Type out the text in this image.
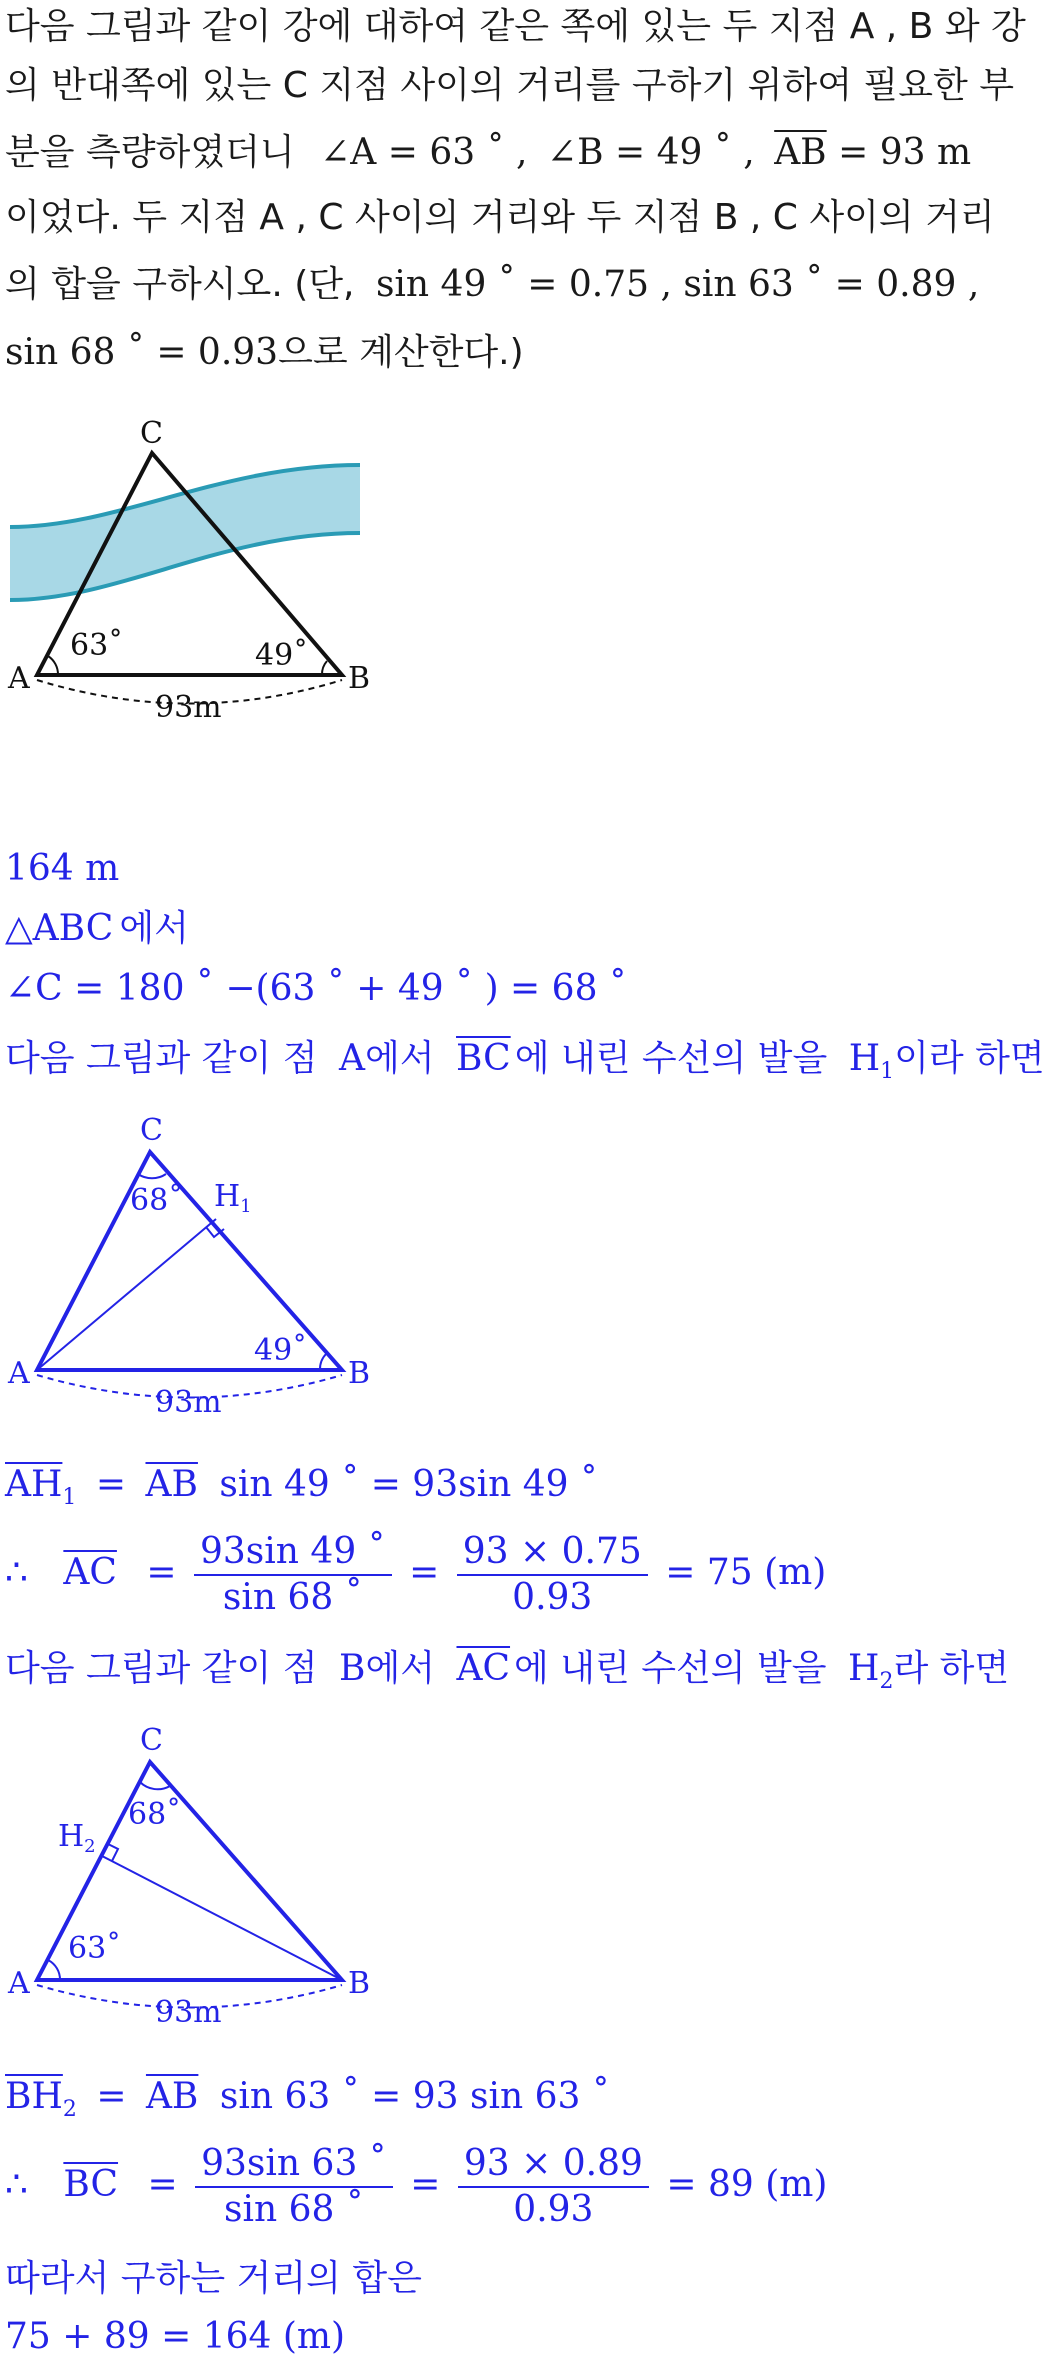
다음 그림과 같이 강에 대하여 같은 쪽에 있는 두 지점 A , B 와 강
의 반대쪽에 있는 C 지점 사이의 거리를 구하기 위하여 필요한 부
분을 측량하였더니 ∠A = 63 ˚ , ∠B = 49 ˚ , $\overline{AB} = 93$ m
이었다. 두 지점 A , C 사이의 거리와 두 지점 B , C 사이의 거리
의 합을 구하시오. (단, sin 49 ˚ = 0.75 , sin 63 ˚ = 0.89 ,
sin 68 ˚ = 0.93으로 계산한다.)
C
A	B
63˚	49˚
93m
164 m
△ABC 에서
∠C = 180 ˚ −(63 ˚ + 49 ˚ ) = 68 ˚
다음 그림과 같이 점 A에서 $\overline{BC}$ 에 내린 수선의 발을 $H_1$이라 하면
C
A	B
$H_1$
68˚
49˚
93m
$\overline{AH}_1 = \overline{AB}$ sin 49 ˚ = 93sin 49 ˚
∴ $\overline{AC} = \frac{93\sin 49 ˚}{\sin 68 ˚} = \frac{93 \times 0.75}{0.93} = 75$ (m)
다음 그림과 같이 점 B에서 $\overline{AC}$ 에 내린 수선의 발을 $H_2$라 하면
C
A	B
$H_2$
68˚
63˚
93m
$\overline{BH}_2 = \overline{AB}$ sin 63 ˚ = 93 sin 63 ˚
∴ $\overline{BC} = \frac{93\sin 63 ˚}{\sin 68 ˚} = \frac{93 \times 0.89}{0.93} = 89$ (m)
따라서 구하는 거리의 합은
75 + 89 = 164 (m)
